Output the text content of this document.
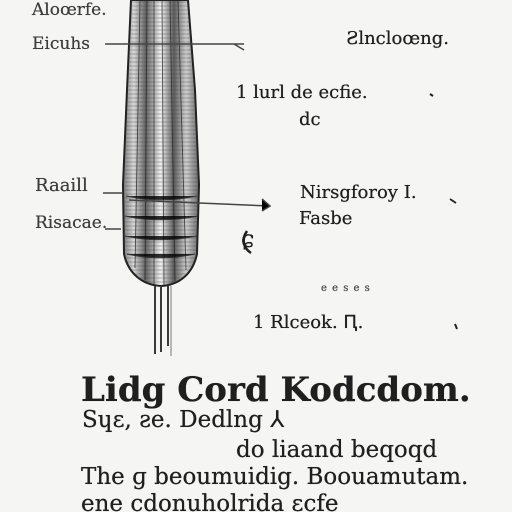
Aloœrfe.
Eicuhs
Raaill
Risacae.
Ƨlncloœng.
1 lurl de ecfie.
dc
Nirsgforoy I.
Fasbe
e e s e s
1 Rlceok. Ԥ.
ɕ
Lidg Cord Kodcdom.
Sɥɛ, ƨe. Dedlng ⅄
do liaand beqoqd
The ɡ beoumuidig. Boouamutam.
ene cdonuholrida ɛcfe
